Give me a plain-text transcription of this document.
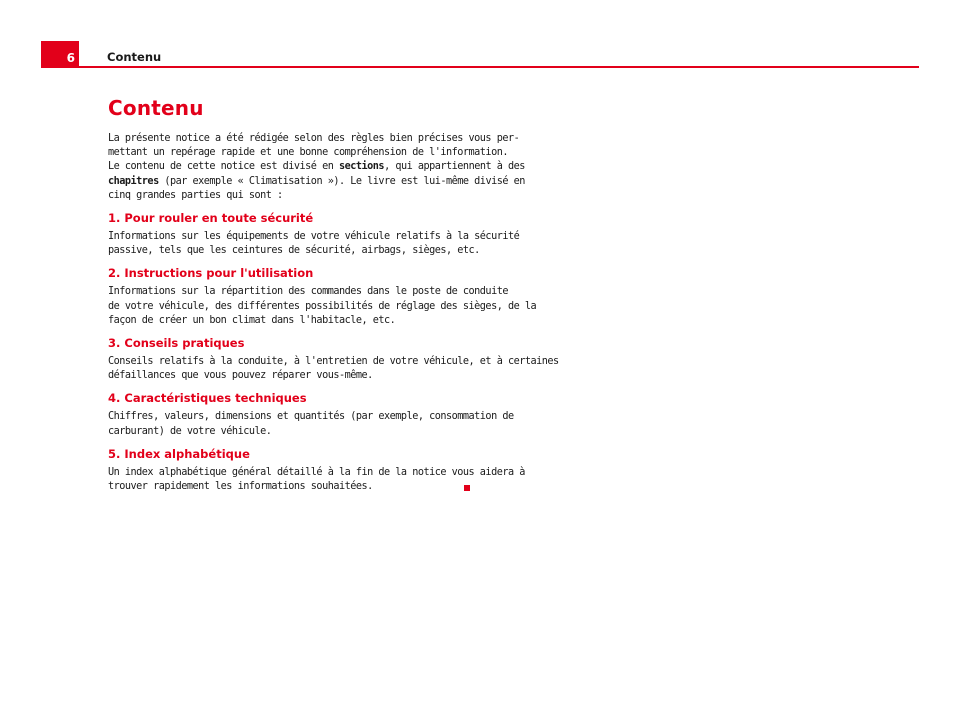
6	Contenu
Contenu

La présente notice a été rédigée selon des règles bien précises vous per-
mettant un repérage rapide et une bonne compréhension de l'information.
Le contenu de cette notice est divisé en sections, qui appartiennent à des
chapitres (par exemple « Climatisation »). Le livre est lui-même divisé en
cinq grandes parties qui sont :

1. Pour rouler en toute sécurité

Informations sur les équipements de votre véhicule relatifs à la sécurité
passive, tels que les ceintures de sécurité, airbags, sièges, etc.

2. Instructions pour l'utilisation

Informations sur la répartition des commandes dans le poste de conduite
de votre véhicule, des différentes possibilités de réglage des sièges, de la
façon de créer un bon climat dans l'habitacle, etc.

3. Conseils pratiques

Conseils relatifs à la conduite, à l'entretien de votre véhicule, et à certaines
défaillances que vous pouvez réparer vous-même.

4. Caractéristiques techniques

Chiffres, valeurs, dimensions et quantités (par exemple, consommation de
carburant) de votre véhicule.

5. Index alphabétique

Un index alphabétique général détaillé à la fin de la notice vous aidera à
trouver rapidement les informations souhaitées.
